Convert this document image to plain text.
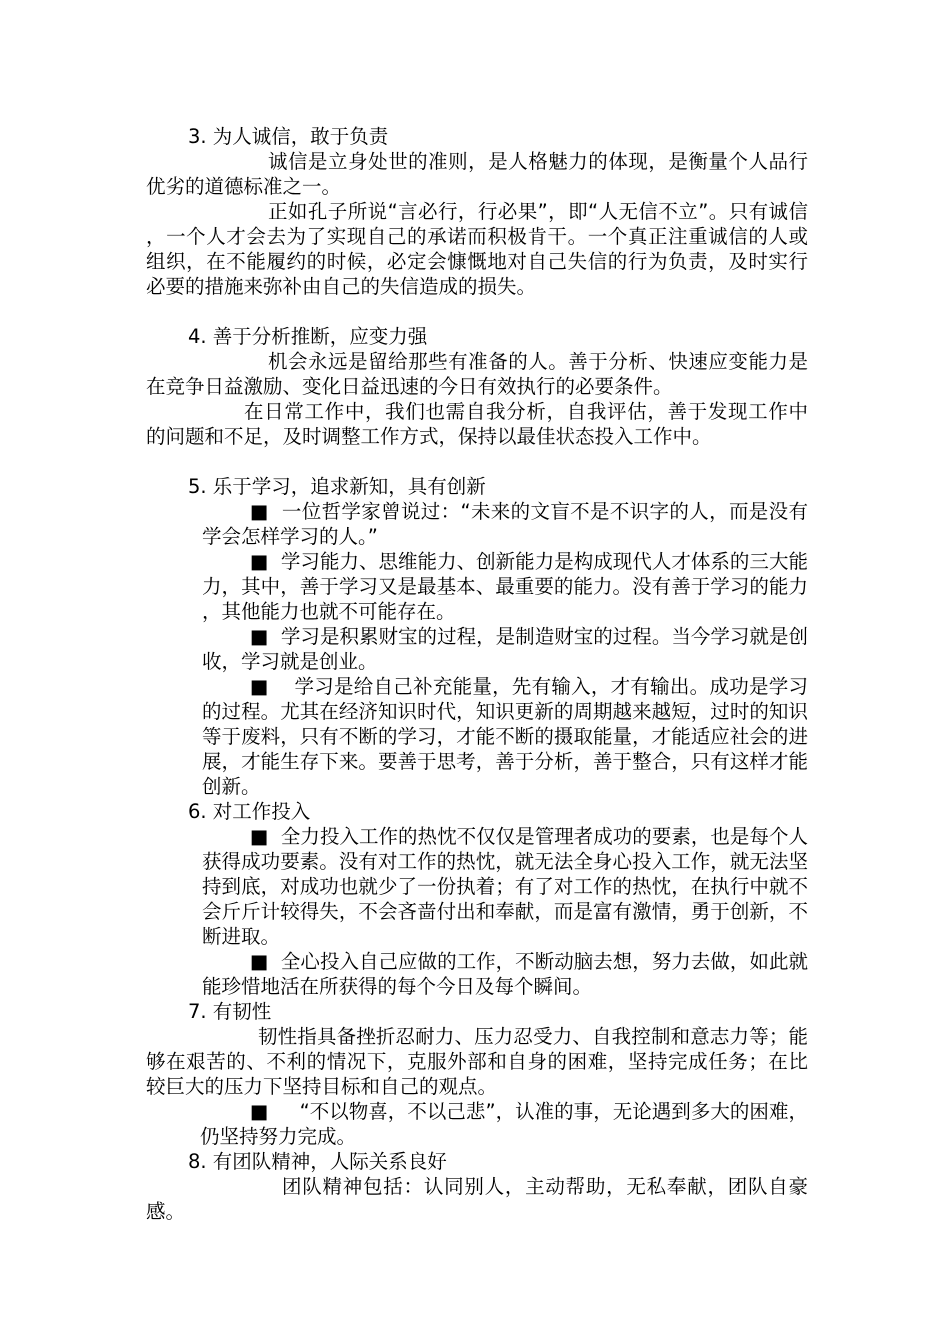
3. 为人诚信，敢于负责

诚信是立身处世的准则，是人格魅力的体现，是衡量个人品行优劣的道德标准之一。

正如孔子所说“言必行，行必果”，即“人无信不立”。只有诚信，一个人才会去为了实现自己的承诺而积极肯干。一个真正注重诚信的人或组织，在不能履约的时候，必定会慷慨地对自己失信的行为负责，及时实行必要的措施来弥补由自己的失信造成的损失。

4. 善于分析推断，应变力强

机会永远是留给那些有准备的人。善于分析、快速应变能力是在竞争日益激励、变化日益迅速的今日有效执行的必要条件。

在日常工作中，我们也需自我分析，自我评估，善于发现工作中的问题和不足，及时调整工作方式，保持以最佳状态投入工作中。

5. 乐于学习，追求新知，具有创新

■ 一位哲学家曾说过：“未来的文盲不是不识字的人，而是没有学会怎样学习的人。”

■ 学习能力、思维能力、创新能力是构成现代人才体系的三大能力，其中，善于学习又是最基本、最重要的能力。没有善于学习的能力，其他能力也就不可能存在。

■ 学习是积累财宝的过程，是制造财宝的过程。当今学习就是创收，学习就是创业。

■ 学习是给自己补充能量，先有输入，才有输出。成功是学习的过程。尤其在经济知识时代，知识更新的周期越来越短，过时的知识等于废料，只有不断的学习，才能不断的摄取能量，才能适应社会的进展，才能生存下来。要善于思考，善于分析，善于整合，只有这样才能创新。

6. 对工作投入

■ 全力投入工作的热忱不仅仅是管理者成功的要素，也是每个人获得成功要素。没有对工作的热忱，就无法全身心投入工作，就无法坚持到底，对成功也就少了一份执着；有了对工作的热忱，在执行中就不会斤斤计较得失，不会吝啬付出和奉献，而是富有激情，勇于创新，不断进取。

■ 全心投入自己应做的工作，不断动脑去想，努力去做，如此就能珍惜地活在所获得的每个今日及每个瞬间。

7. 有韧性

韧性指具备挫折忍耐力、压力忍受力、自我控制和意志力等；能够在艰苦的、不利的情况下，克服外部和自身的困难，坚持完成任务；在比较巨大的压力下坚持目标和自己的观点。

■ “不以物喜，不以己悲”，认准的事，无论遇到多大的困难，仍坚持努力完成。

8. 有团队精神，人际关系良好

团队精神包括：认同别人，主动帮助，无私奉献，团队自豪感。
